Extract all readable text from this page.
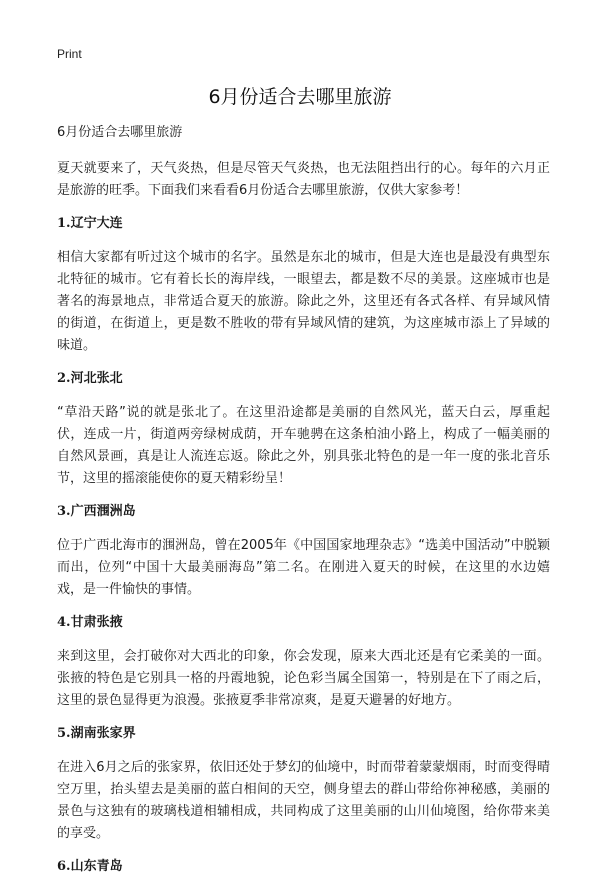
Print
6月份适合去哪里旅游

6月份适合去哪里旅游

夏天就要来了，天气炎热，但是尽管天气炎热，也无法阻挡出行的心。每年的六月正是旅游的旺季。下面我们来看看6月份适合去哪里旅游，仅供大家参考！

1.辽宁大连

相信大家都有听过这个城市的名字。虽然是东北的城市，但是大连也是最没有典型东北特征的城市。它有着长长的海岸线，一眼望去，都是数不尽的美景。这座城市也是著名的海景地点，非常适合夏天的旅游。除此之外，这里还有各式各样、有异域风情的街道，在街道上，更是数不胜收的带有异域风情的建筑，为这座城市添上了异域的味道。

2.河北张北

“草沿天路”说的就是张北了。在这里沿途都是美丽的自然风光，蓝天白云，厚重起伏，连成一片，街道两旁绿树成荫，开车驰骋在这条柏油小路上，构成了一幅美丽的自然风景画，真是让人流连忘返。除此之外，别具张北特色的是一年一度的张北音乐节，这里的摇滚能使你的夏天精彩纷呈！

3.广西涠洲岛

位于广西北海市的涠洲岛，曾在2005年《中国国家地理杂志》“选美中国活动”中脱颖而出，位列“中国十大最美丽海岛”第二名。在刚进入夏天的时候，在这里的水边嬉戏，是一件愉快的事情。

4.甘肃张掖

来到这里，会打破你对大西北的印象，你会发现，原来大西北还是有它柔美的一面。张掖的特色是它别具一格的丹霞地貌，论色彩当属全国第一，特别是在下了雨之后，这里的景色显得更为浪漫。张掖夏季非常凉爽，是夏天避暑的好地方。

5.湖南张家界

在进入6月之后的张家界，依旧还处于梦幻的仙境中，时而带着蒙蒙烟雨，时而变得晴空万里，抬头望去是美丽的蓝白相间的天空，侧身望去的群山带给你神秘感，美丽的景色与这独有的玻璃栈道相辅相成，共同构成了这里美丽的山川仙境图，给你带来美的享受。

6.山东青岛
